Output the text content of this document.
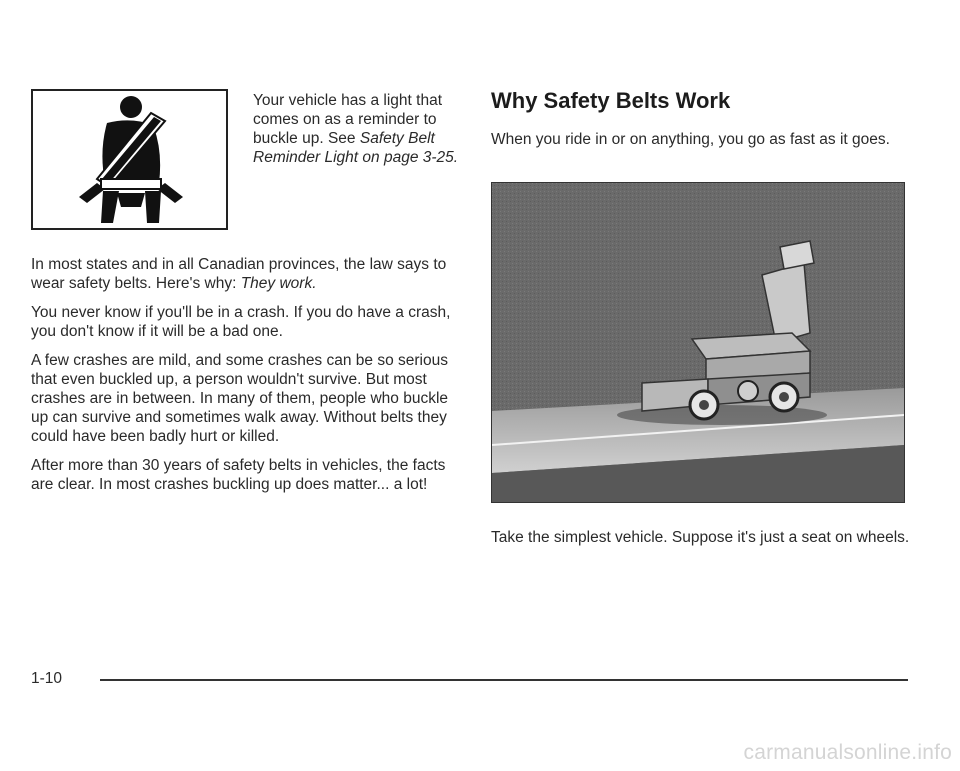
Your vehicle has a light that comes on as a reminder to buckle up. See Safety Belt Reminder Light on page 3-25.

In most states and in all Canadian provinces, the law says to wear safety belts. Here's why: They work.

You never know if you'll be in a crash. If you do have a crash, you don't know if it will be a bad one.

A few crashes are mild, and some crashes can be so serious that even buckled up, a person wouldn't survive. But most crashes are in between. In many of them, people who buckle up can survive and sometimes walk away. Without belts they could have been badly hurt or killed.

After more than 30 years of safety belts in vehicles, the facts are clear. In most crashes buckling up does matter... a lot!

Why Safety Belts Work

When you ride in or on anything, you go as fast as it goes.

Take the simplest vehicle. Suppose it's just a seat on wheels.

1-10

carmanualsonline.info
